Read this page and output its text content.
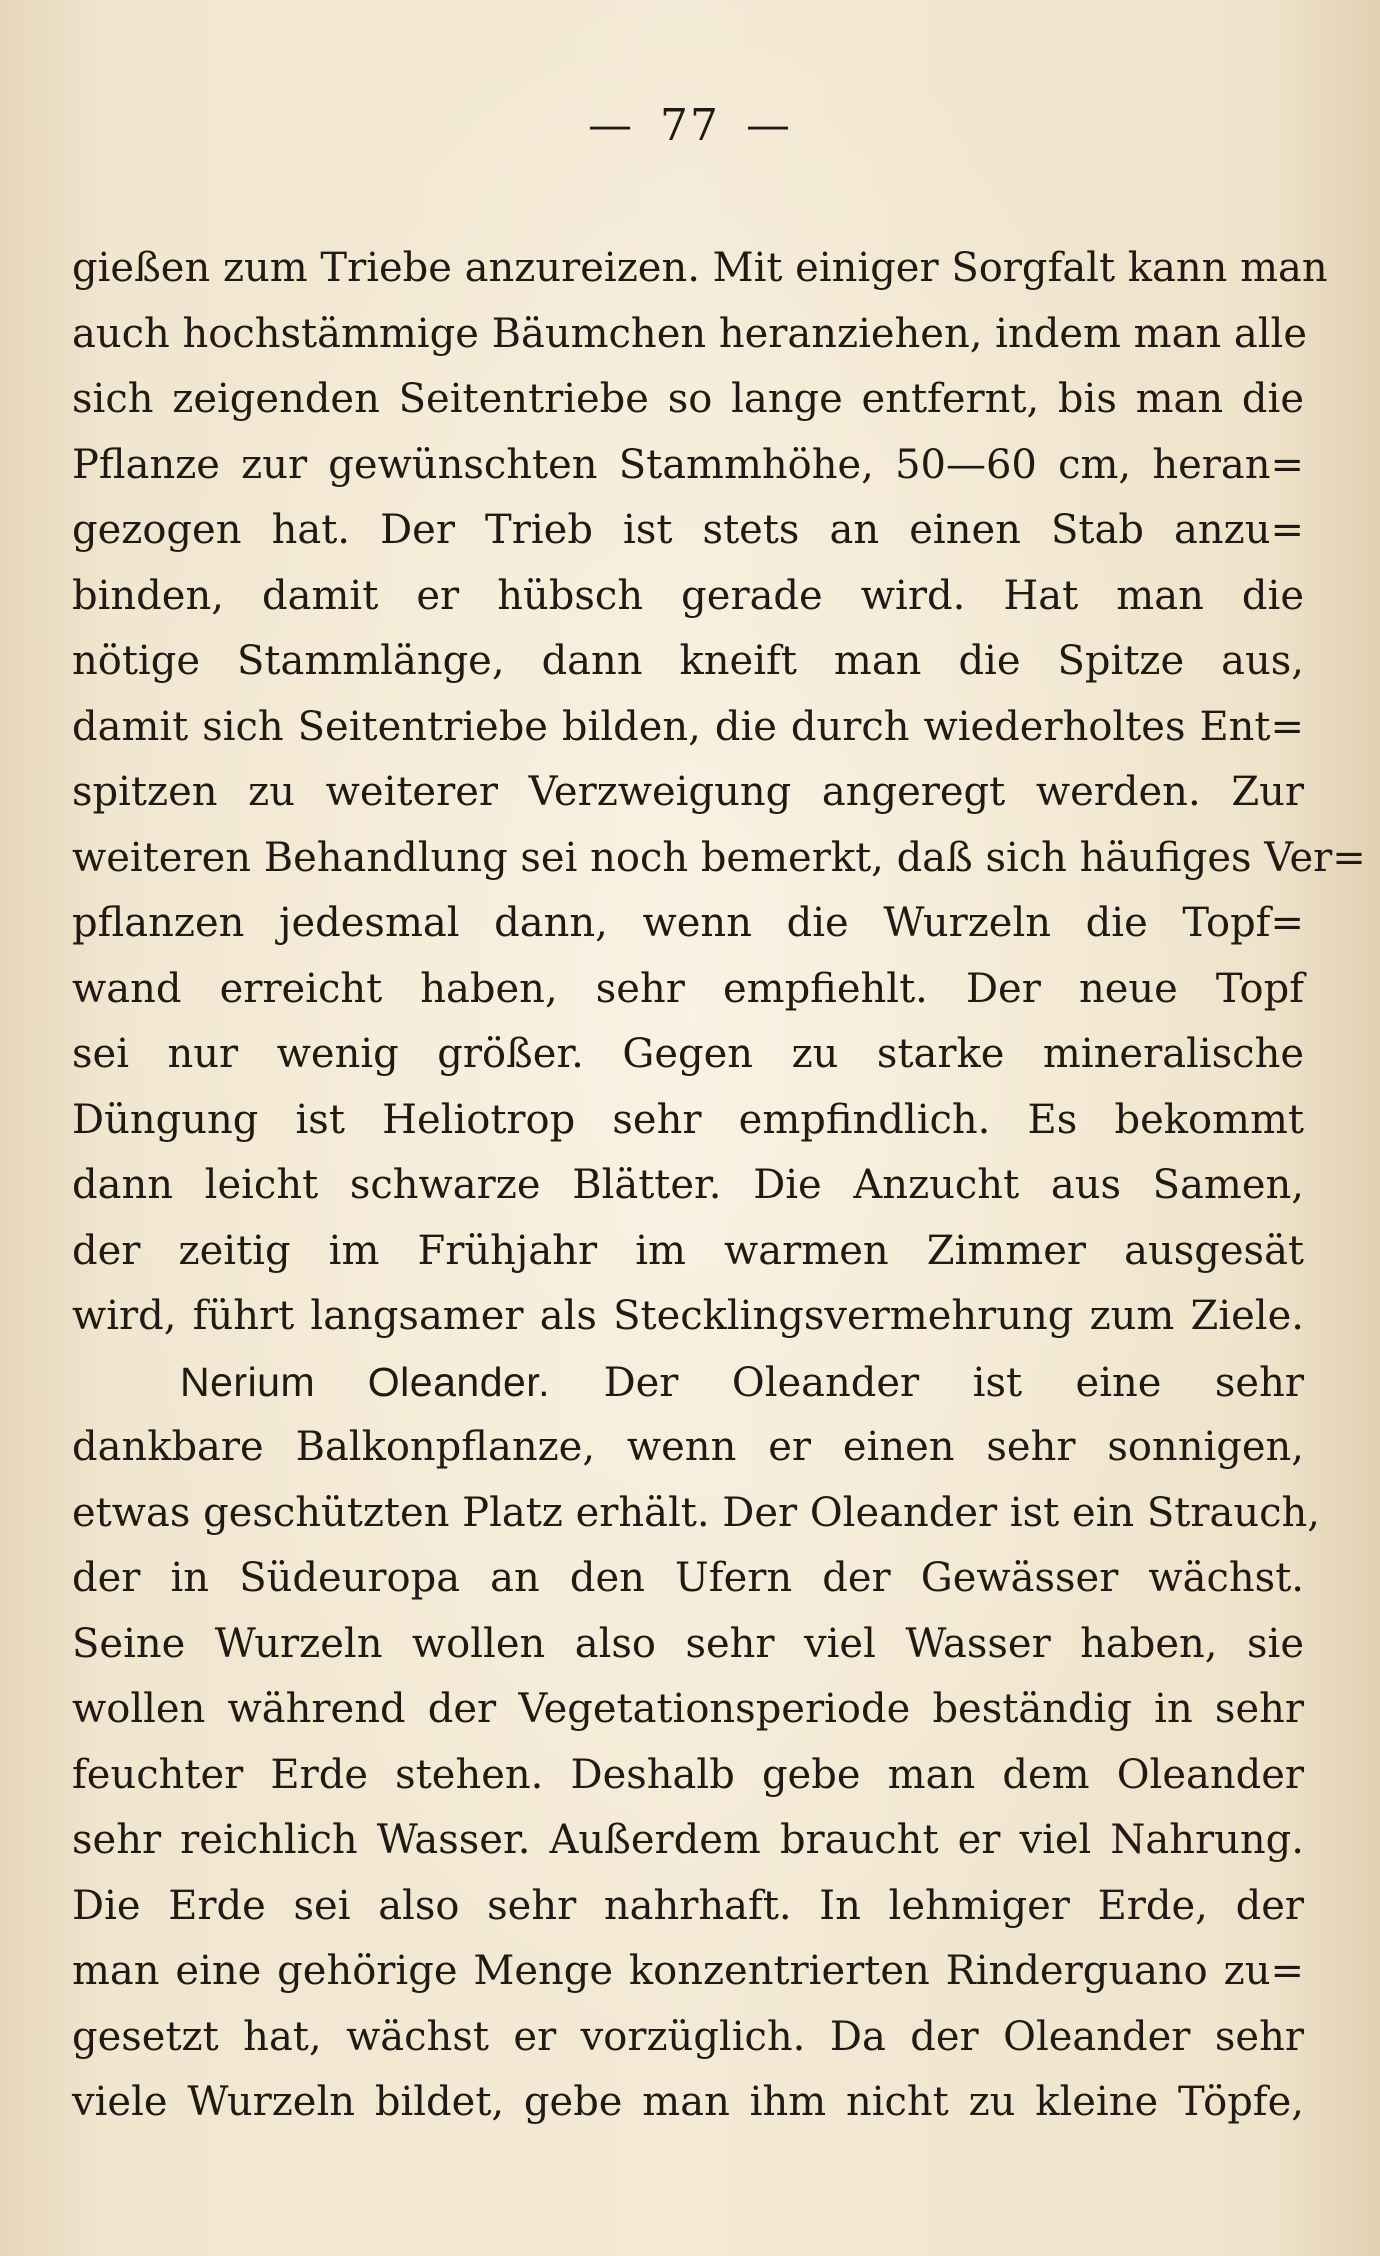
— 77 —
gießen zum Triebe anzureizen. Mit einiger Sorgfalt kann man
auch hochstämmige Bäumchen heranziehen, indem man alle
sich zeigenden Seitentriebe so lange entfernt, bis man die
Pflanze zur gewünschten Stammhöhe, 50—60 cm, heran=
gezogen hat. Der Trieb ist stets an einen Stab anzu=
binden, damit er hübsch gerade wird. Hat man die
nötige Stammlänge, dann kneift man die Spitze aus,
damit sich Seitentriebe bilden, die durch wiederholtes Ent=
spitzen zu weiterer Verzweigung angeregt werden. Zur
weiteren Behandlung sei noch bemerkt, daß sich häufiges Ver=
pflanzen jedesmal dann, wenn die Wurzeln die Topf=
wand erreicht haben, sehr empfiehlt. Der neue Topf
sei nur wenig größer. Gegen zu starke mineralische
Düngung ist Heliotrop sehr empfindlich. Es bekommt
dann leicht schwarze Blätter. Die Anzucht aus Samen,
der zeitig im Frühjahr im warmen Zimmer ausgesät
wird, führt langsamer als Stecklingsvermehrung zum Ziele.
Nerium Oleander. Der Oleander ist eine sehr
dankbare Balkonpflanze, wenn er einen sehr sonnigen,
etwas geschützten Platz erhält. Der Oleander ist ein Strauch,
der in Südeuropa an den Ufern der Gewässer wächst.
Seine Wurzeln wollen also sehr viel Wasser haben, sie
wollen während der Vegetationsperiode beständig in sehr
feuchter Erde stehen. Deshalb gebe man dem Oleander
sehr reichlich Wasser. Außerdem braucht er viel Nahrung.
Die Erde sei also sehr nahrhaft. In lehmiger Erde, der
man eine gehörige Menge konzentrierten Rinderguano zu=
gesetzt hat, wächst er vorzüglich. Da der Oleander sehr
viele Wurzeln bildet, gebe man ihm nicht zu kleine Töpfe,
